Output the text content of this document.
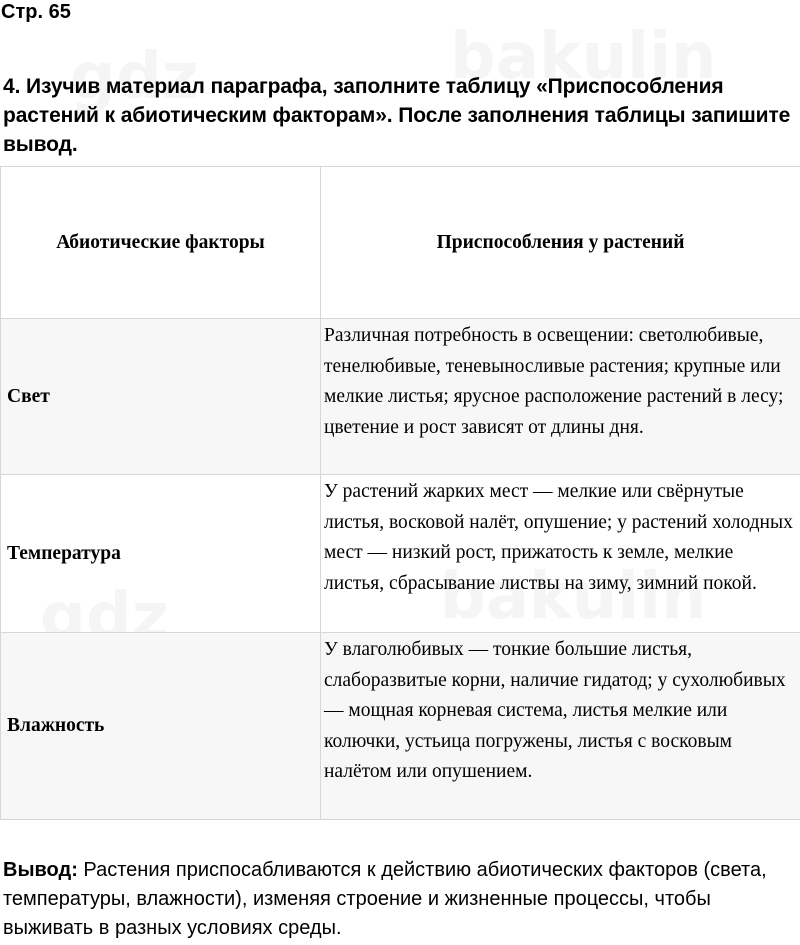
Стр. 65
4. Изучив материал параграфа, заполните таблицу «Приспособления растений к абиотическим факторам». После заполнения таблицы запишите вывод.
Абиотические факторы	Приспособления у растений
Свет	Различная потребность в освещении: светолюбивые, тенелюбивые, теневыносливые растения; крупные или мелкие листья; ярусное расположение растений в лесу; цветение и рост зависят от длины дня.
Температура	У растений жарких мест — мелкие или свёрнутые листья, восковой налёт, опушение; у растений холодных мест — низкий рост, прижатость к земле, мелкие листья, сбрасывание листвы на зиму, зимний покой.
Влажность	У влаголюбивых — тонкие большие листья, слаборазвитые корни, наличие гидатод; у сухолюбивых — мощная корневая система, листья мелкие или колючки, устьица погружены, листья с восковым налётом или опушением.
Вывод: Растения приспосабливаются к действию абиотических факторов (света, температуры, влажности), изменяя строение и жизненные процессы, чтобы выживать в разных условиях среды.
